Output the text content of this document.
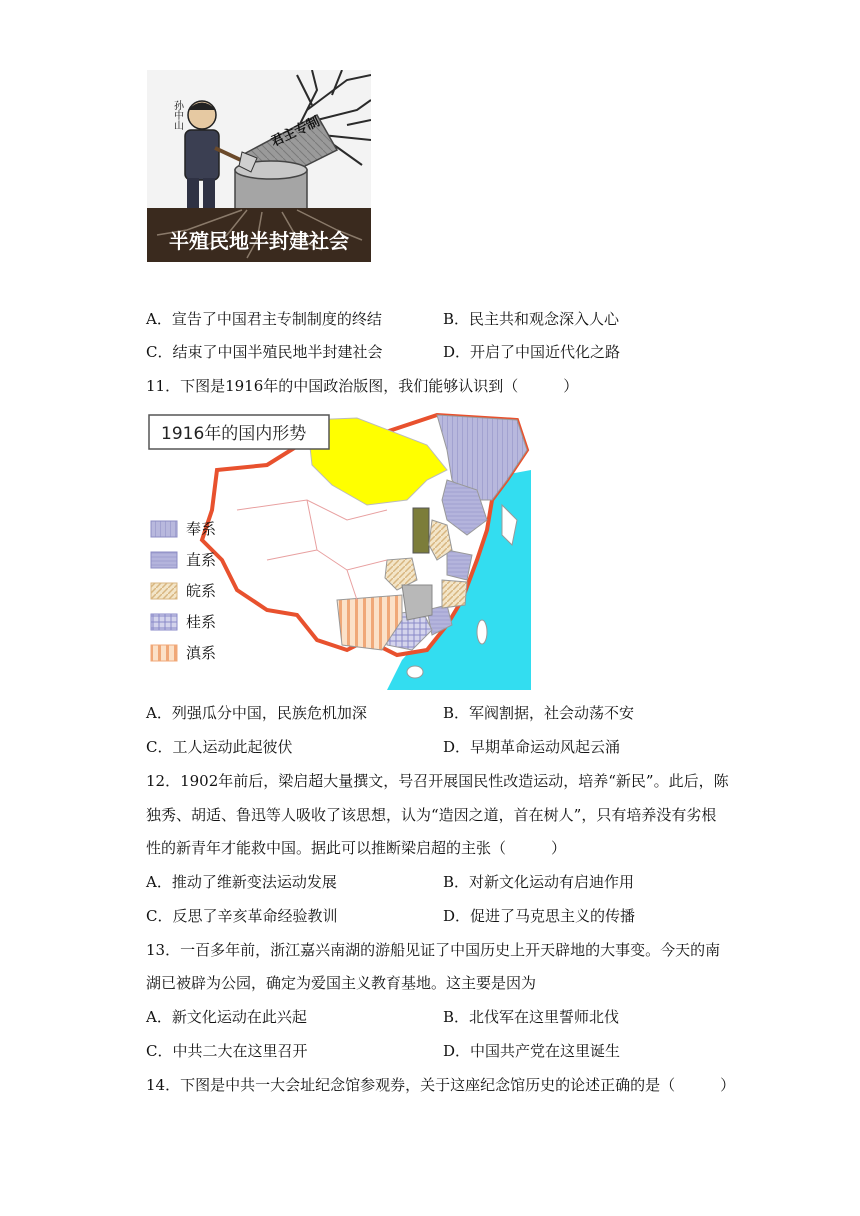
孙中山	君主专制
半殖民地半封建社会
A．宣告了中国君主专制制度的终结	B．民主共和观念深入人心
C．结束了中国半殖民地半封建社会	D．开启了中国近代化之路
11．下图是1916年的中国政治版图，我们能够认识到（　　　）
1916年的国内形势
奉系
直系
皖系
桂系
滇系
A．列强瓜分中国，民族危机加深	B．军阀割据，社会动荡不安
C．工人运动此起彼伏	D．早期革命运动风起云涌
12．1902年前后，梁启超大量撰文，号召开展国民性改造运动，培养“新民”。此后，陈
独秀、胡适、鲁迅等人吸收了该思想，认为“造因之道，首在树人”，只有培养没有劣根
性的新青年才能救中国。据此可以推断梁启超的主张（　　　）
A．推动了维新变法运动发展	B．对新文化运动有启迪作用
C．反思了辛亥革命经验教训	D．促进了马克思主义的传播
13．一百多年前，浙江嘉兴南湖的游船见证了中国历史上开天辟地的大事变。今天的南
湖已被辟为公园，确定为爱国主义教育基地。这主要是因为
A．新文化运动在此兴起	B．北伐军在这里誓师北伐
C．中共二大在这里召开	D．中国共产党在这里诞生
14．下图是中共一大会址纪念馆参观券，关于这座纪念馆历史的论述正确的是（　　　）
